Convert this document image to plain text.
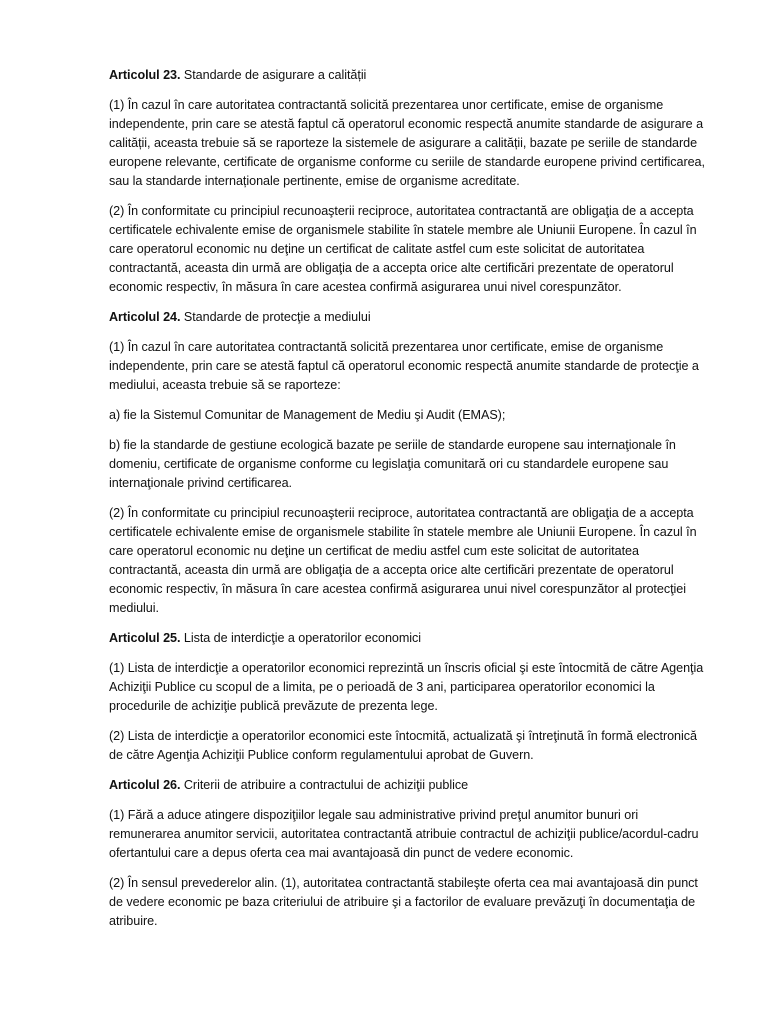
Articolul 23. Standarde de asigurare a calității

(1) În cazul în care autoritatea contractantă solicită prezentarea unor certificate, emise de organisme independente, prin care se atestă faptul că operatorul economic respectă anumite standarde de asigurare a calității, aceasta trebuie să se raporteze la sistemele de asigurare a calității, bazate pe seriile de standarde europene relevante, certificate de organisme conforme cu seriile de standarde europene privind certificarea, sau la standarde internaționale pertinente, emise de organisme acreditate.

(2) În conformitate cu principiul recunoaşterii reciproce, autoritatea contractantă are obligaţia de a accepta certificatele echivalente emise de organismele stabilite în statele membre ale Uniunii Europene. În cazul în care operatorul economic nu deţine un certificat de calitate astfel cum este solicitat de autoritatea contractantă, aceasta din urmă are obligaţia de a accepta orice alte certificări prezentate de operatorul economic respectiv, în măsura în care acestea confirmă asigurarea unui nivel corespunzător.

Articolul 24. Standarde de protecţie a mediului

(1) În cazul în care autoritatea contractantă solicită prezentarea unor certificate, emise de organisme independente, prin care se atestă faptul că operatorul economic respectă anumite standarde de protecţie a mediului, aceasta trebuie să se raporteze:

a) fie la Sistemul Comunitar de Management de Mediu şi Audit (EMAS);

b) fie la standarde de gestiune ecologică bazate pe seriile de standarde europene sau internaţionale în domeniu, certificate de organisme conforme cu legislaţia comunitară ori cu standardele europene sau internaţionale privind certificarea.

(2) În conformitate cu principiul recunoaşterii reciproce, autoritatea contractantă are obligaţia de a accepta certificatele echivalente emise de organismele stabilite în statele membre ale Uniunii Europene. În cazul în care operatorul economic nu deţine un certificat de mediu astfel cum este solicitat de autoritatea contractantă, aceasta din urmă are obligaţia de a accepta orice alte certificări prezentate de operatorul economic respectiv, în măsura în care acestea confirmă asigurarea unui nivel corespunzător al protecţiei mediului.

Articolul 25. Lista de interdicţie a operatorilor economici

(1) Lista de interdicţie a operatorilor economici reprezintă un înscris oficial şi este întocmită de către Agenţia Achiziţii Publice cu scopul de a limita, pe o perioadă de 3 ani, participarea operatorilor economici la procedurile de achiziţie publică prevăzute de prezenta lege.

(2) Lista de interdicţie a operatorilor economici este întocmită, actualizată şi întreţinută în formă electronică de către Agenţia Achiziţii Publice conform regulamentului aprobat de Guvern.

Articolul 26. Criterii de atribuire a contractului de achiziţii publice

(1) Fără a aduce atingere dispoziţiilor legale sau administrative privind preţul anumitor bunuri ori remunerarea anumitor servicii, autoritatea contractantă atribuie contractul de achiziţii publice/acordul-cadru ofertantului care a depus oferta cea mai avantajoasă din punct de vedere economic.

(2) În sensul prevederelor alin. (1), autoritatea contractantă stabileşte oferta cea mai avantajoasă din punct de vedere economic pe baza criteriului de atribuire şi a factorilor de evaluare prevăzuţi în documentaţia de atribuire.
